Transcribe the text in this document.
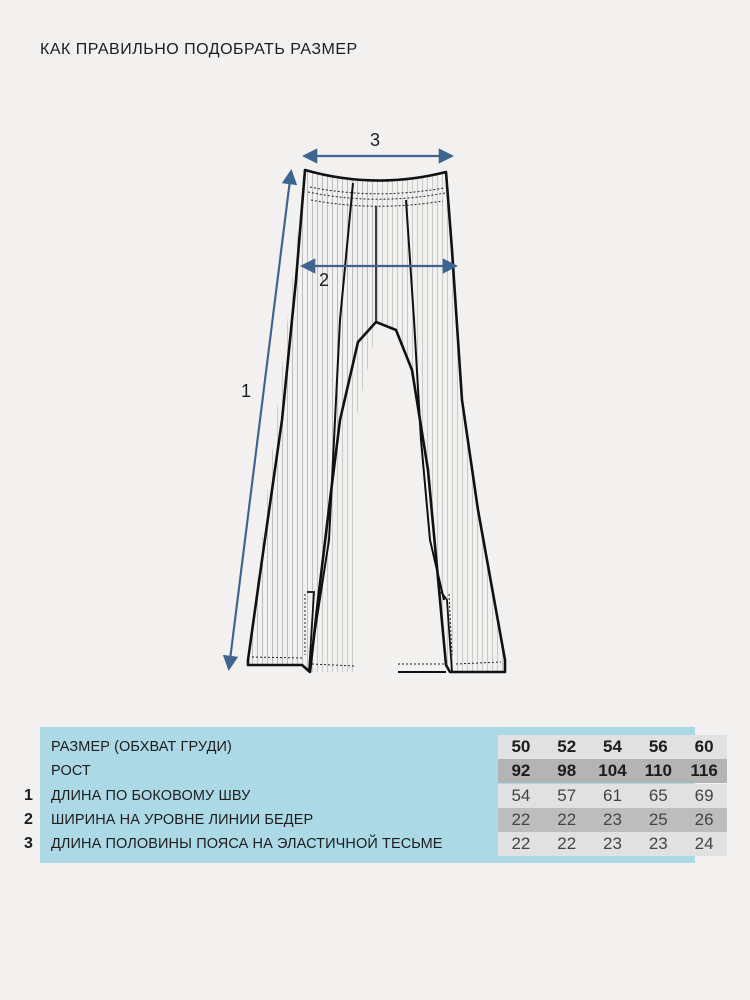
КАК ПРАВИЛЬНО ПОДОБРАТЬ РАЗМЕР
1
2
3
РАЗМЕР (ОБХВАТ ГРУДИ)	50	52	54	56	60
РОСТ	92	98	104	110	116
1 ДЛИНА ПО БОКОВОМУ ШВУ	54	57	61	65	69
2 ШИРИНА НА УРОВНЕ ЛИНИИ БЕДЕР	22	22	23	25	26
3 ДЛИНА ПОЛОВИНЫ ПОЯСА НА ЭЛАСТИЧНОЙ ТЕСЬМЕ	22	22	23	23	24
